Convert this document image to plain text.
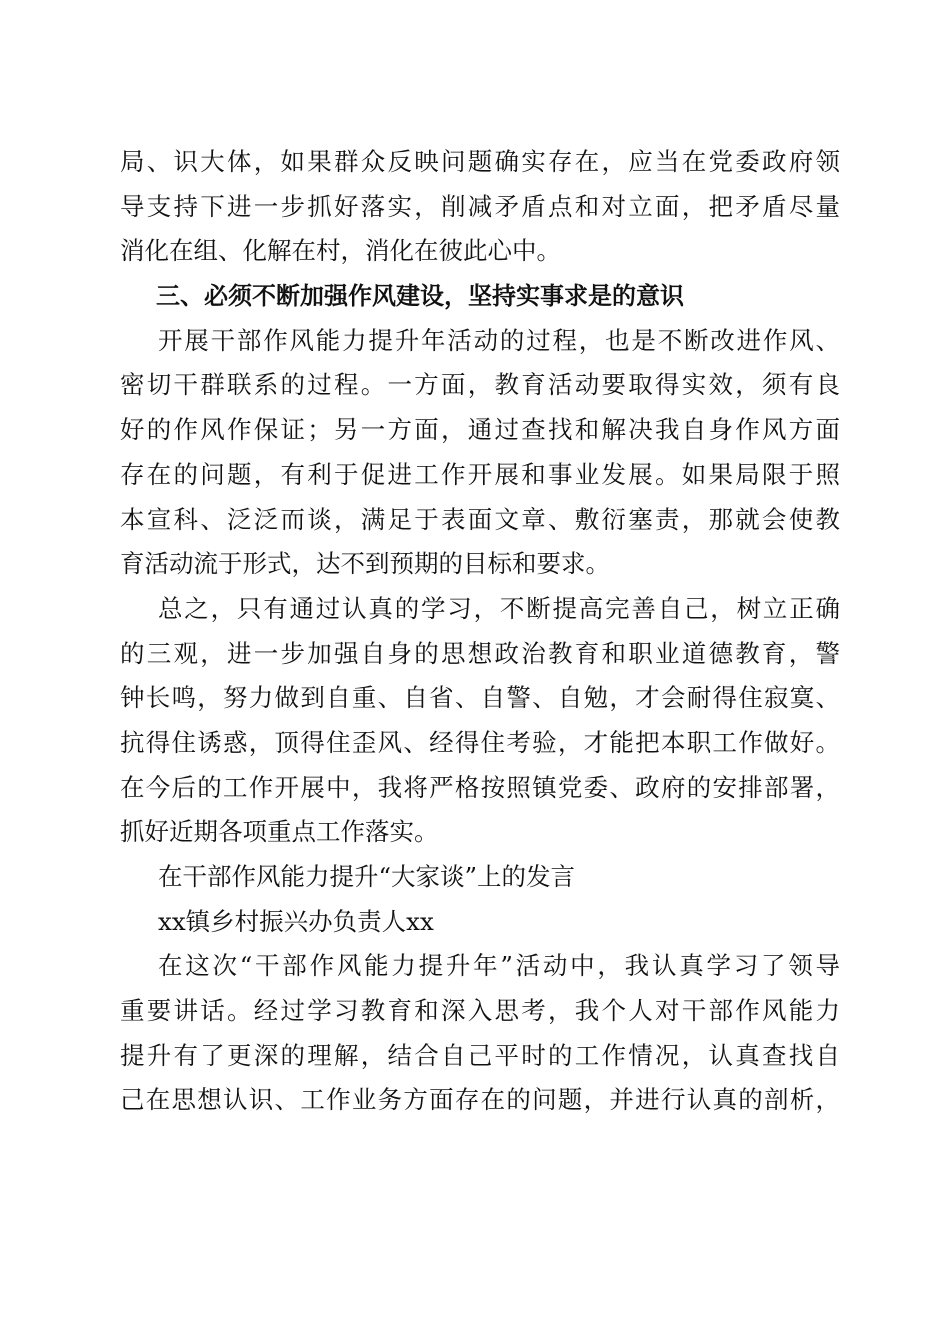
局、识大体，如果群众反映问题确实存在，应当在党委政府领
导支持下进一步抓好落实，削减矛盾点和对立面，把矛盾尽量
消化在组、化解在村，消化在彼此心中。
三、必须不断加强作风建设，坚持实事求是的意识
开展干部作风能力提升年活动的过程，也是不断改进作风、
密切干群联系的过程。一方面，教育活动要取得实效，须有良
好的作风作保证；另一方面，通过查找和解决我自身作风方面
存在的问题，有利于促进工作开展和事业发展。如果局限于照
本宣科、泛泛而谈，满足于表面文章、敷衍塞责，那就会使教
育活动流于形式，达不到预期的目标和要求。
总之，只有通过认真的学习，不断提高完善自己，树立正确
的三观，进一步加强自身的思想政治教育和职业道德教育，警
钟长鸣，努力做到自重、自省、自警、自勉，才会耐得住寂寞、
抗得住诱惑，顶得住歪风、经得住考验，才能把本职工作做好。
在今后的工作开展中，我将严格按照镇党委、政府的安排部署，
抓好近期各项重点工作落实。
在干部作风能力提升“大家谈”上的发言
xx镇乡村振兴办负责人xx
在这次“干部作风能力提升年”活动中，我认真学习了领导
重要讲话。经过学习教育和深入思考，我个人对干部作风能力
提升有了更深的理解，结合自己平时的工作情况，认真查找自
己在思想认识、工作业务方面存在的问题，并进行认真的剖析，
